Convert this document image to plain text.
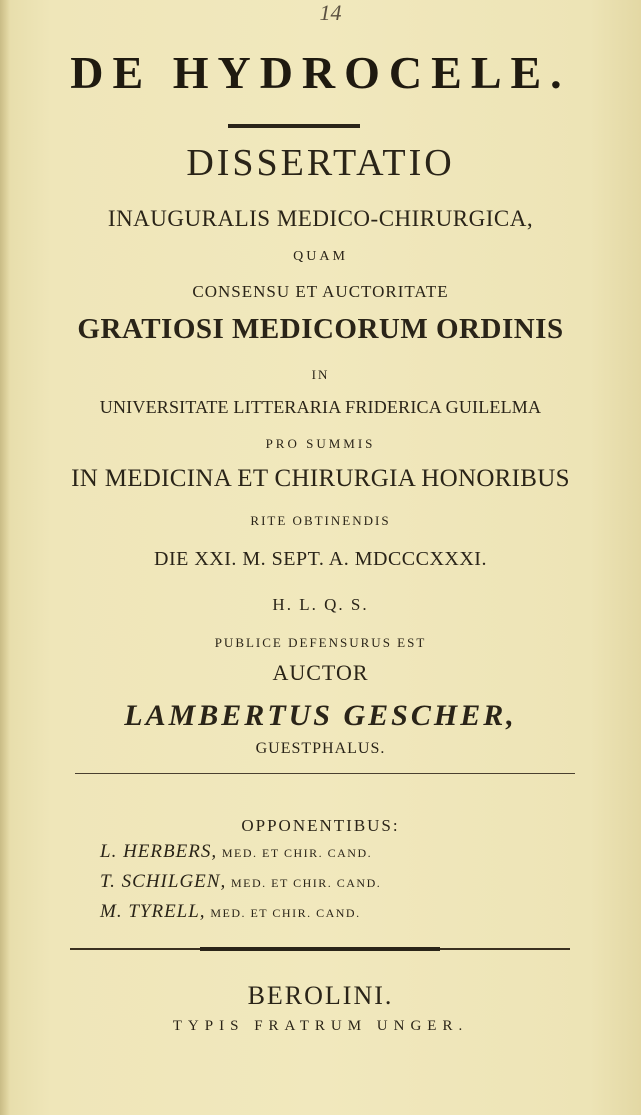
14
DE HYDROCELE.
DISSERTATIO
INAUGURALIS MEDICO-CHIRURGICA,
QUAM
CONSENSU ET AUCTORITATE
GRATIOSI MEDICORUM ORDINIS
IN
UNIVERSITATE LITTERARIA FRIDERICA GUILELMA
PRO SUMMIS
IN MEDICINA ET CHIRURGIA HONORIBUS
RITE OBTINENDIS
DIE XXI. M. SEPT. A. MDCCCXXXI.
H. L. Q. S.
PUBLICE DEFENSURUS EST
AUCTOR
LAMBERTUS GESCHER,
GUESTPHALUS.
OPPONENTIBUS:
L. HERBERS, MED. ET CHIR. CAND.
T. SCHILGEN, MED. ET CHIR. CAND.
M. TYRELL, MED. ET CHIR. CAND.
BEROLINI.
TYPIS FRATRUM UNGER.
